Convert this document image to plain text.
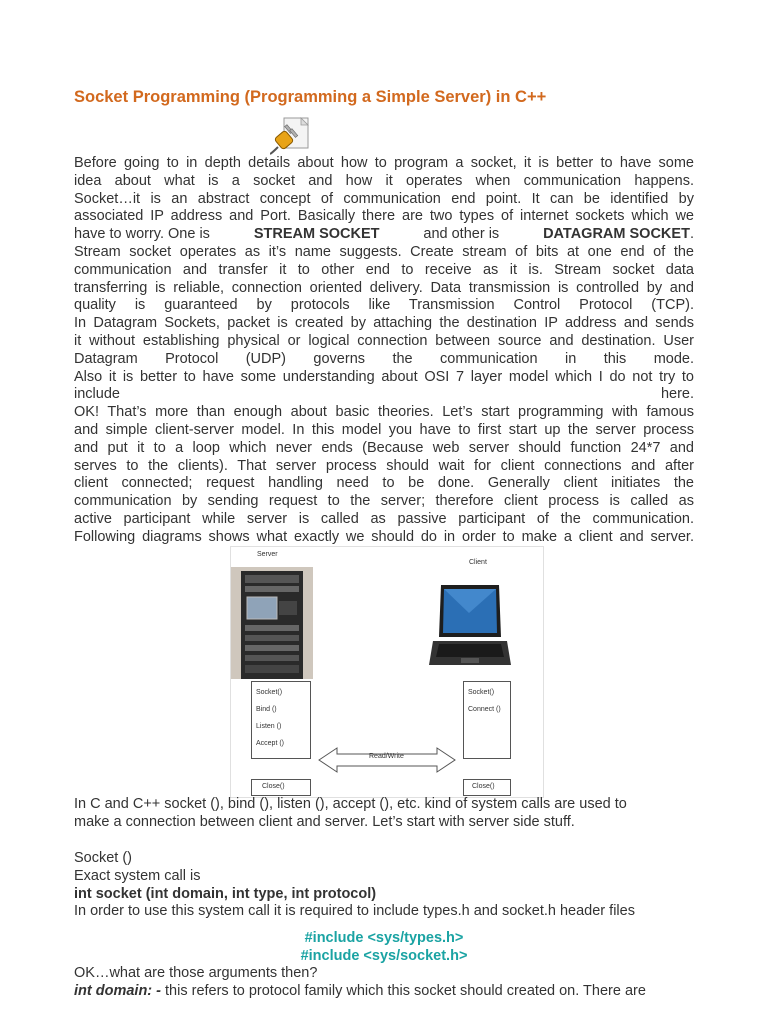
Socket Programming (Programming a Simple Server) in C++
Before going to in depth details about how to program a socket, it is better to have some
idea about what is a socket and how it operates when communication happens.
Socket…it is an abstract concept of communication end point. It can be identified by
associated IP address and Port. Basically there are two types of internet sockets which we
have to worry. One is	STREAM SOCKET	and other is	DATAGRAM SOCKET.
Stream socket operates as it’s name suggests. Create stream of bits at one end of the
communication and transfer it to other end to receive as it is. Stream socket data
transferring is reliable, connection oriented delivery. Data transmission is controlled by and
quality is guaranteed by protocols like Transmission Control Protocol (TCP).
In Datagram Sockets, packet is created by attaching the destination IP address and sends
it without establishing physical or logical connection between source and destination. User
Datagram Protocol (UDP) governs the communication in this mode.
Also it is better to have some understanding about OSI 7 layer model which I do not try to
include	here.
OK! That’s more than enough about basic theories. Let’s start programming with famous
and simple client-server model. In this model you have to first start up the server process
and put it to a loop which never ends (Because web server should function 24*7 and
serves to the clients). That server process should wait for client connections and after
client connected; request handling need to be done. Generally client initiates the
communication by sending request to the server; therefore client process is called as
active participant while server is called as passive participant of the communication.
Following diagrams shows what exactly we should do in order to make a client and server.
Server
Client
Socket()
Bind ()
Listen ()
Accept ()
Socket()
Connect ()
Read/Write
Close()	Close()
In C and C++ socket (), bind (), listen (), accept (), etc. kind of system calls are used to
make a connection between client and server. Let’s start with server side stuff.
Socket ()
Exact system call is
int socket (int domain, int type, int protocol)
In order to use this system call it is required to include types.h and socket.h header files
#include <sys/types.h>
#include <sys/socket.h>
OK…what are those arguments then?
int domain: - this refers to protocol family which this socket should created on. There are
